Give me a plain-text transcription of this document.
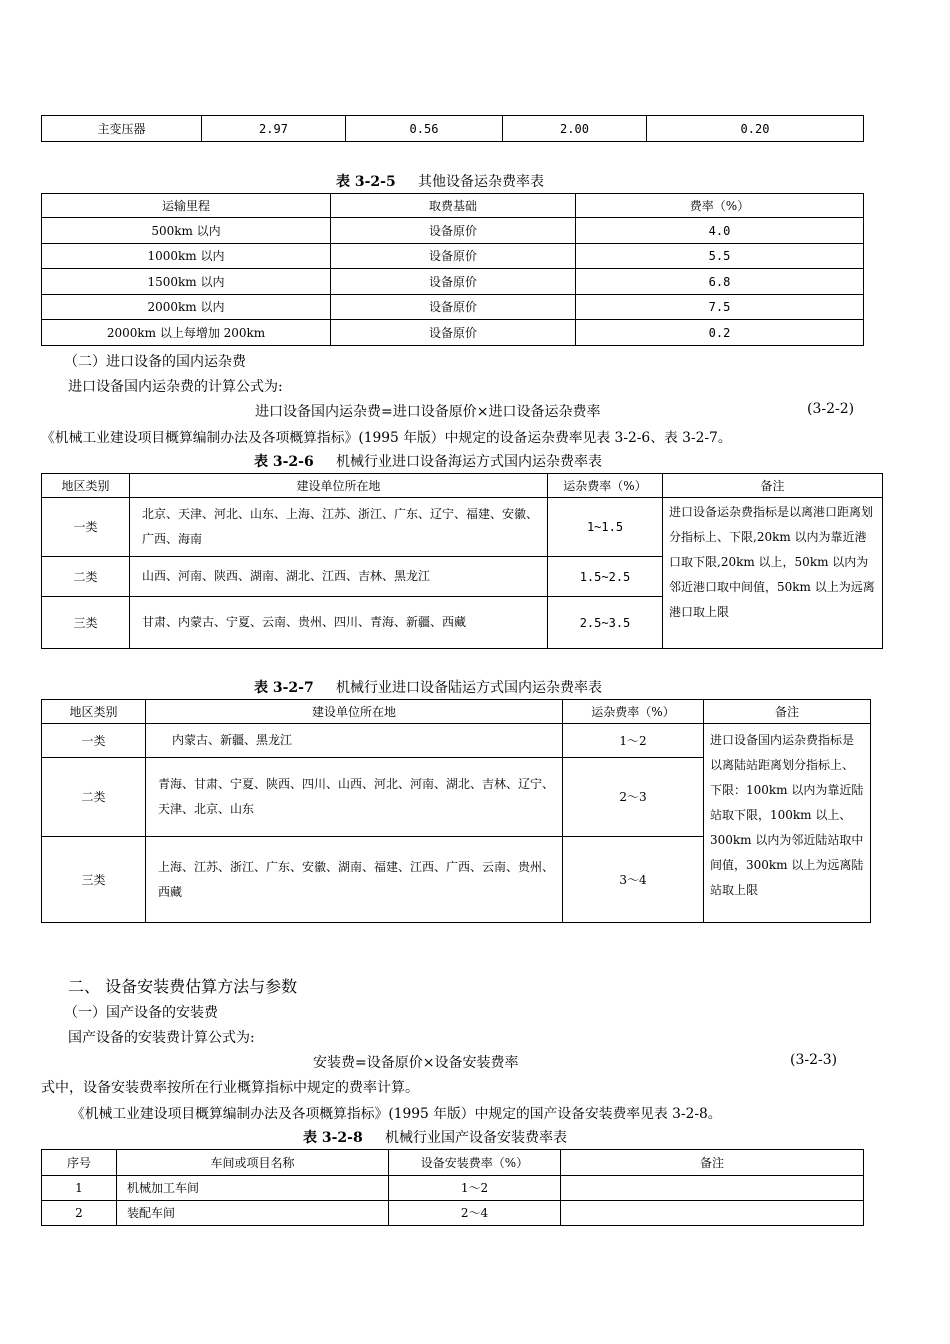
主变压器	2.97	0.56	2.00	0.20
表 3-2-5 其他设备运杂费率表
运输里程	取费基础	费率（%）
500km 以内	设备原价	4.0
1000km 以内	设备原价	5.5
1500km 以内	设备原价	6.8
2000km 以内	设备原价	7.5
2000km 以上每增加 200km	设备原价	0.2
（二）进口设备的国内运杂费
进口设备国内运杂费的计算公式为:
进口设备国内运杂费=进口设备原价×进口设备运杂费率	(3-2-2)
《机械工业建设项目概算编制办法及各项概算指标》(1995 年版）中规定的设备运杂费率见表 3-2-6、表 3-2-7。
表 3-2-6 机械行业进口设备海运方式国内运杂费率表
地区类别	建设单位所在地	运杂费率（%）	备注
一类	北京、天津、河北、山东、上海、江苏、浙江、广东、辽宁、福建、安徽、广西、海南	1~1.5	进口设备运杂费指标是以离港口距离划分指标上、下限,20km 以内为靠近港口取下限,20km 以上，50km 以内为邻近港口取中间值，50km 以上为远离港口取上限
二类	山西、河南、陕西、湖南、湖北、江西、吉林、黑龙江	1.5~2.5	
三类	甘肃、内蒙古、宁夏、云南、贵州、四川、青海、新疆、西藏	2.5~3.5	
表 3-2-7 机械行业进口设备陆运方式国内运杂费率表
地区类别	建设单位所在地	运杂费率（%）	备注
一类	内蒙古、新疆、黑龙江	1～2	进口设备国内运杂费指标是以离陆站距离划分指标上、下限：100km 以内为靠近陆站取下限，100km 以上、300km 以内为邻近陆站取中间值，300km 以上为远离陆站取上限
二类	青海、甘肃、宁夏、陕西、四川、山西、河北、河南、湖北、吉林、辽宁、天津、北京、山东	2～3	
三类	上海、江苏、浙江、广东、安徽、湖南、福建、江西、广西、云南、贵州、西藏	3～4	
二、 设备安装费估算方法与参数
（一）国产设备的安装费
国产设备的安装费计算公式为:
安装费=设备原价×设备安装费率	(3-2-3)
式中，设备安装费率按所在行业概算指标中规定的费率计算。
《机械工业建设项目概算编制办法及各项概算指标》(1995 年版）中规定的国产设备安装费率见表 3-2-8。
表 3-2-8 机械行业国产设备安装费率表
序号	车间或项目名称	设备安装费率（%）	备注
1	机械加工车间	1～2	
2	装配车间	2～4	
